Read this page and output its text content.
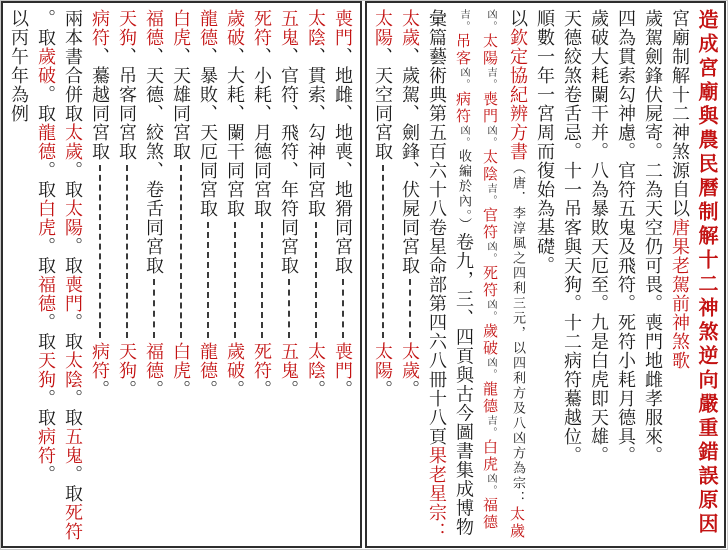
喪門、地雌、地喪、地猾同宮取
喪門。
太陰、貫索、勾神同宮取
太陰。
五鬼、官符、飛符、年符同宮取
五鬼。
死符、小耗、月德同宮取
死符。
歲破、大耗、闌干同宮取
歲破。
龍德、暴敗、天厄同宮取
龍德。
白虎、天雄同宮取
白虎。
福德、天德、絞煞、卷舌同宮取
福德。
天狗、吊客同宮取
天狗。
病符、驀越同宮取
病符。
兩本書合併取太歲。取太陽。取喪門。取太陰。取五鬼。取死符
。取歲破。取龍德。取白虎。取福德。取天狗。取病符。
以丙午年為例	造成宮廟與農民曆制解十二神煞逆向嚴重錯誤原因
宮廟制解十二神煞源自以唐果老駕前神煞歌
歲駕劍鋒伏屍寄。二為天空仍可畏。喪門地雌孝服來。
四為貫索勾神慮。官符五鬼及飛符。死符小耗月德具。
歲破大耗闌干并。八為暴敗天厄至。九是白虎即天雄。
天德絞煞卷舌忌。十一吊客與天狗。十二病符驀越位。
順數一年一宮周而復始為基礎。
以欽定協紀辨方書（唐．李淳風之四利三元，以四利方及八凶方為宗：太歲
凶。太陽吉。喪門凶。太陰吉。官符凶。死符凶。歲破凶。龍德吉。白虎凶。福德
吉。吊客凶。病符凶。收編於內。）卷九，三、四頁與古今圖書集成博物
彙篇藝術典第五百六十八卷星命部第四六八冊十八頁果老星宗：
太歲、歲駕、劍鋒、伏屍同宮取
太歲。
太陽、天空同宮取
太陽。
